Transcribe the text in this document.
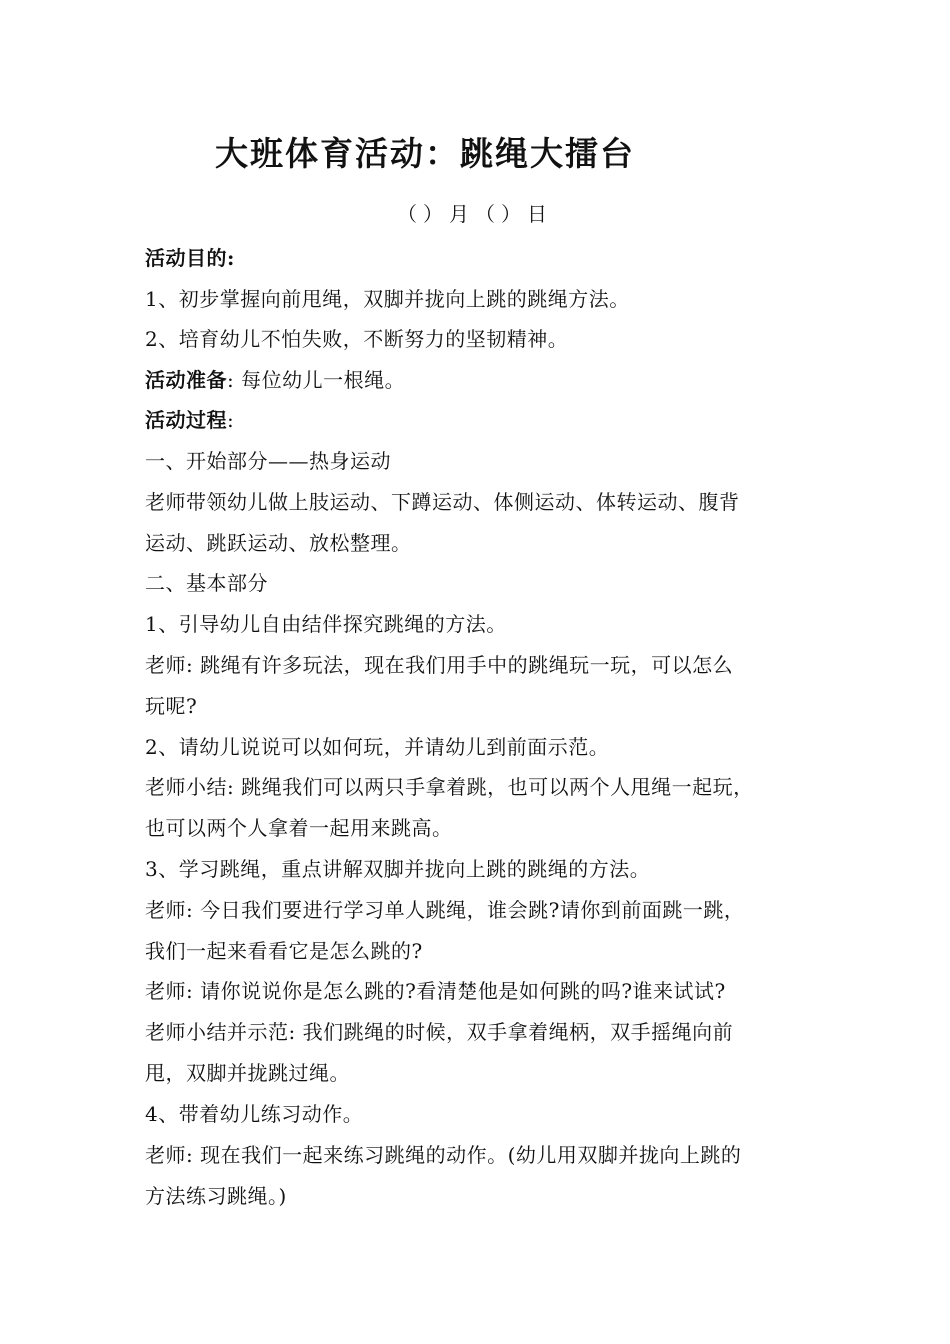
大班体育活动：跳绳大擂台
（）月（）日
活动目的:
1、初步掌握向前甩绳，双脚并拢向上跳的跳绳方法。
2、培育幼儿不怕失败，不断努力的坚韧精神。
活动准备: 每位幼儿一根绳。
活动过程:
一、开始部分——热身运动
老师带领幼儿做上肢运动、下蹲运动、体侧运动、体转运动、腹背
运动、跳跃运动、放松整理。
二、基本部分
1、引导幼儿自由结伴探究跳绳的方法。
老师: 跳绳有许多玩法，现在我们用手中的跳绳玩一玩，可以怎么
玩呢?
2、请幼儿说说可以如何玩，并请幼儿到前面示范。
老师小结: 跳绳我们可以两只手拿着跳，也可以两个人甩绳一起玩，
也可以两个人拿着一起用来跳高。
3、学习跳绳，重点讲解双脚并拢向上跳的跳绳的方法。
老师: 今日我们要进行学习单人跳绳，谁会跳?请你到前面跳一跳，
我们一起来看看它是怎么跳的?
老师: 请你说说你是怎么跳的?看清楚他是如何跳的吗?谁来试试?
老师小结并示范: 我们跳绳的时候，双手拿着绳柄，双手摇绳向前
甩，双脚并拢跳过绳。
4、带着幼儿练习动作。
老师: 现在我们一起来练习跳绳的动作。(幼儿用双脚并拢向上跳的
方法练习跳绳。)
